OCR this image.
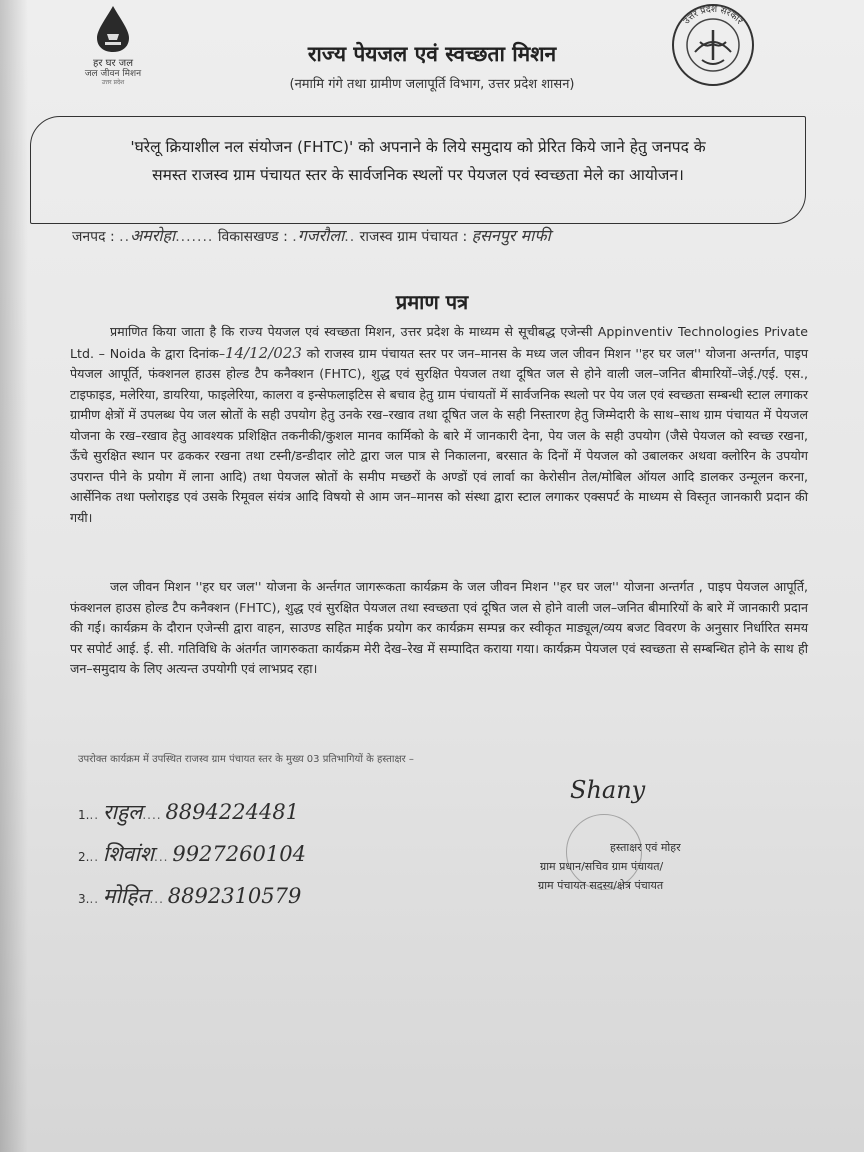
हर घर जल
जल जीवन मिशन
उत्तर प्रदेश
उत्तर प्रदेश सरकार
राज्य पेयजल एवं स्वच्छता मिशन
(नमामि गंगे तथा ग्रामीण जलापूर्ति विभाग, उत्तर प्रदेश शासन)
'घरेलू क्रियाशील नल संयोजन (FHTC)' को अपनाने के लिये समुदाय को प्रेरित किये जाने हेतु जनपद के
समस्त राजस्व ग्राम पंचायत स्तर के सार्वजनिक स्थलों पर पेयजल एवं स्वच्छता मेले का आयोजन।
जनपद : ..अमरोहा....... विकासखण्ड : .गजरौला.. राजस्व ग्राम पंचायत : हसनपुर माफी
प्रमाण पत्र
प्रमाणित किया जाता है कि राज्य पेयजल एवं स्वच्छता मिशन, उत्तर प्रदेश के माध्यम से सूचीबद्ध एजेन्सी Appinventiv Technologies Private Ltd. – Noida के द्वारा दिनांक–14/12/023 को राजस्व ग्राम पंचायत स्तर पर जन–मानस के मध्य जल जीवन मिशन ''हर घर जल'' योजना अन्तर्गत, पाइप पेयजल आपूर्ति, फंक्शनल हाउस होल्ड टैप कनैक्शन (FHTC), शुद्ध एवं सुरक्षित पेयजल तथा दूषित जल से होने वाली जल–जनित बीमारियों–जेई./एई. एस., टाइफाइड, मलेरिया, डायरिया, फाइलेरिया, कालरा व इन्सेफलाइटिस से बचाव हेतु ग्राम पंचायतों में सार्वजनिक स्थलो पर पेय जल एवं स्वच्छता सम्बन्धी स्टाल लगाकर ग्रामीण क्षेत्रों में उपलब्ध पेय जल स्रोतों के सही उपयोग हेतु उनके रख–रखाव तथा दूषित जल के सही निस्तारण हेतु जिम्मेदारी के साथ–साथ ग्राम पंचायत में पेयजल योजना के रख–रखाव हेतु आवश्यक प्रशिक्षित तकनीकी/कुशल मानव कार्मिको के बारे में जानकारी देना, पेय जल के सही उपयोग (जैसे पेयजल को स्वच्छ रखना, ऊँचे सुरक्षित स्थान पर ढककर रखना तथा टस्नी/डन्डीदार लोटे द्वारा जल पात्र से निकालना, बरसात के दिनों में पेयजल को उबालकर अथवा क्लोरिन के उपयोग उपरान्त पीने के प्रयोग में लाना आदि) तथा पेयजल स्रोतों के समीप मच्छरों के अण्डों एवं लार्वा का केरोसीन तेल/मोबिल ऑयल आदि डालकर उन्मूलन करना, आर्सेनिक तथा फ्लोराइड एवं उसके रिमूवल संयंत्र आदि विषयो से आम जन–मानस को संस्था द्वारा स्टाल लगाकर एक्सपर्ट के माध्यम से विस्तृत जानकारी प्रदान की गयी।
जल जीवन मिशन ''हर घर जल'' योजना के अर्न्तगत जागरूकता कार्यक्रम के जल जीवन मिशन ''हर घर जल'' योजना अन्तर्गत , पाइप पेयजल आपूर्ति, फंक्शनल हाउस होल्ड टैप कनैक्शन (FHTC), शुद्ध एवं सुरक्षित पेयजल तथा स्वच्छता एवं दूषित जल से होने वाली जल–जनित बीमारियों के बारे में जानकारी प्रदान की गई। कार्यक्रम के दौरान एजेन्सी द्वारा वाहन, साउण्ड सहित माईक प्रयोग कर कार्यक्रम सम्पन्न कर स्वीकृत माड्यूल/व्यय बजट विवरण के अनुसार निर्धारित समय पर सपोर्ट आई. ई. सी. गतिविधि के अंतर्गत जागरुकता कार्यक्रम मेरी देख–रेख में सम्पादित कराया गया। कार्यक्रम पेयजल एवं स्वच्छता से सम्बन्धित होने के साथ ही जन–समुदाय के लिए अत्यन्त उपयोगी एवं लाभप्रद रहा।
उपरोक्त कार्यक्रम में उपस्थित राजस्व ग्राम पंचायत स्तर के मुख्य 03 प्रतिभागियों के हस्ताक्षर –
1... राहुल.... 8894224481
2... शिवांश... 9927260104
3... मोहित... 8892310579
Shany
हस्ताक्षर एवं मोहर
ग्राम प्रधान/सचिव ग्राम पंचायत/
ग्राम पंचायत सदस्य/क्षेत्र पंचायत
